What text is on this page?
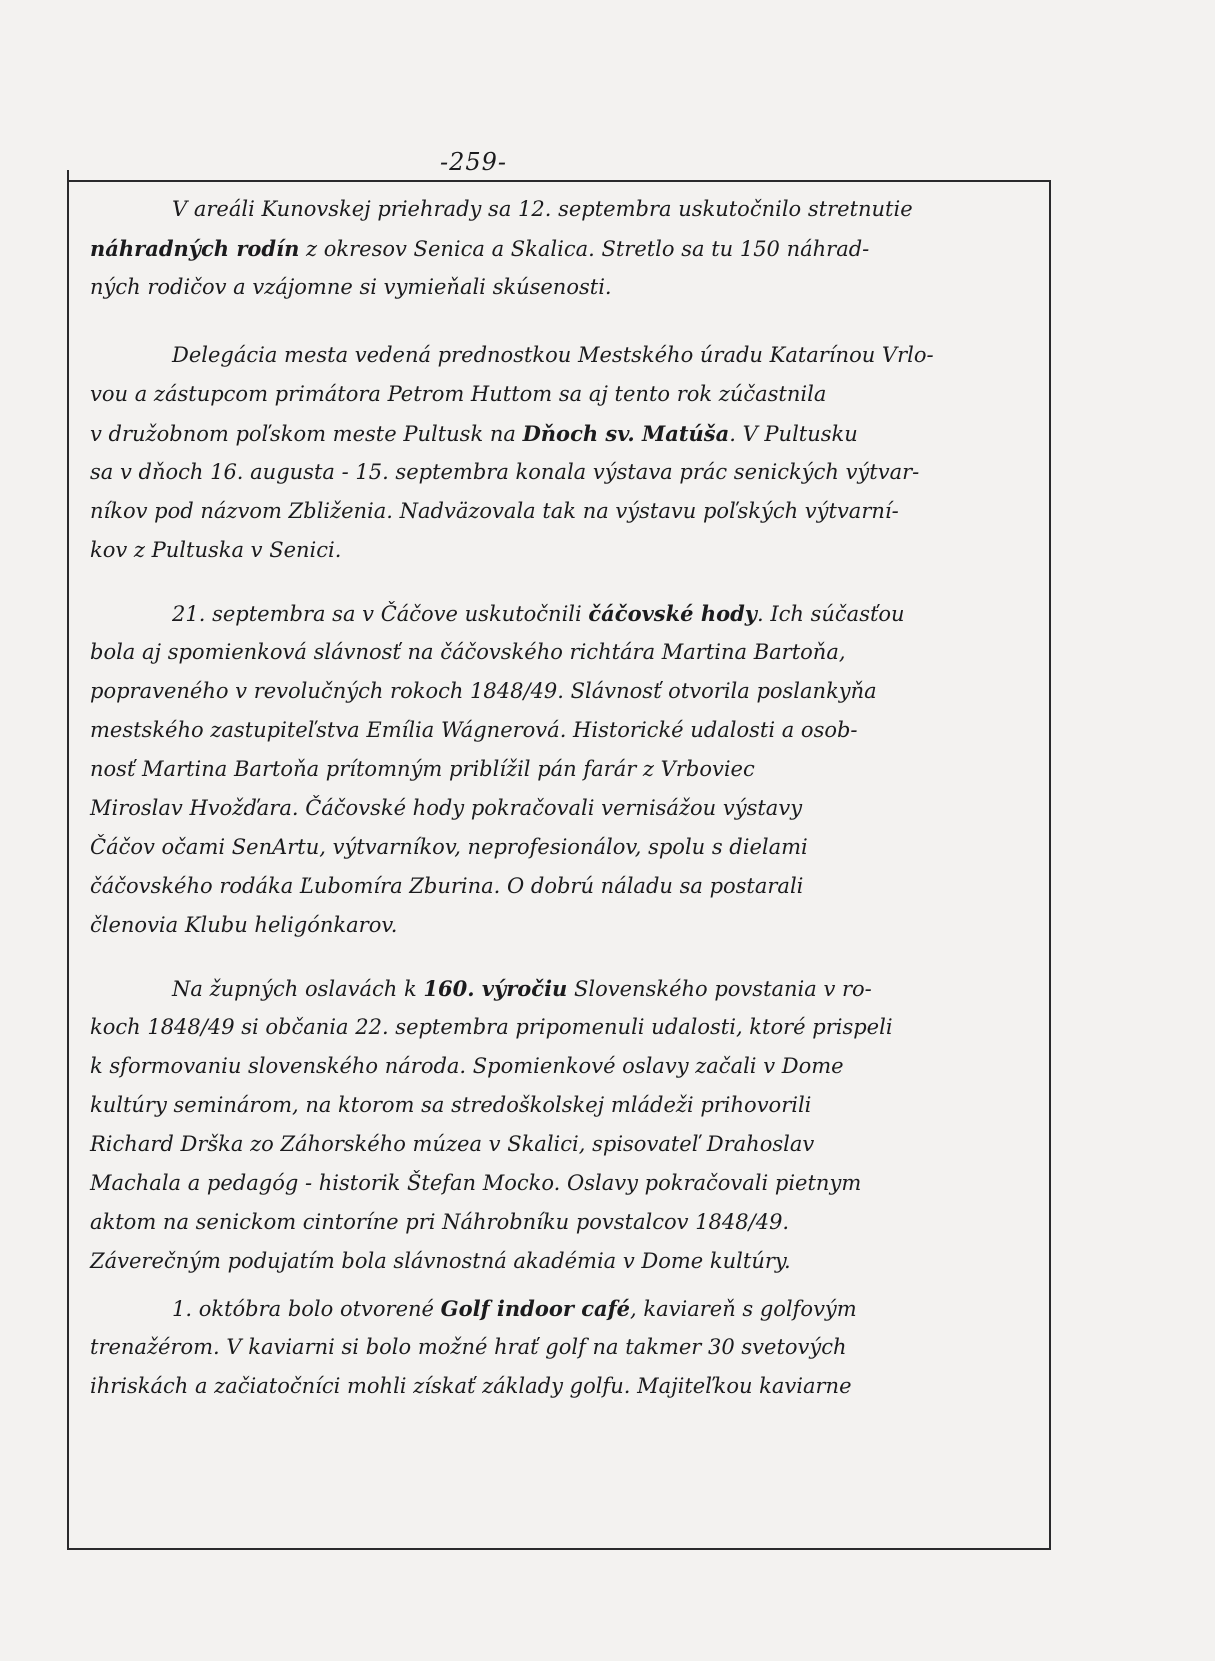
-259-
V areáli Kunovskej priehrady sa 12. septembra uskutočnilo stretnutie
náhradných rodín z okresov Senica a Skalica. Stretlo sa tu 150 náhrad-
ných rodičov a vzájomne si vymieňali skúsenosti.
Delegácia mesta vedená prednostkou Mestského úradu Katarínou Vrlo-
vou a zástupcom primátora Petrom Huttom sa aj tento rok zúčastnila
v družobnom poľskom meste Pultusk na Dňoch sv. Matúša. V Pultusku
sa v dňoch 16. augusta - 15. septembra konala výstava prác senických výtvar-
níkov pod názvom Zbliženia. Nadväzovala tak na výstavu poľských výtvarní-
kov z Pultuska v Senici.
21. septembra sa v Čáčove uskutočnili čáčovské hody. Ich súčasťou
bola aj spomienková slávnosť na čáčovského richtára Martina Bartoňa,
popraveného v revolučných rokoch 1848/49. Slávnosť otvorila poslankyňa
mestského zastupiteľstva Emília Wágnerová. Historické udalosti a osob-
nosť Martina Bartoňa prítomným priblížil pán farár z Vrboviec
Miroslav Hvožďara. Čáčovské hody pokračovali vernisážou výstavy
Čáčov očami SenArtu, výtvarníkov, neprofesionálov, spolu s dielami
čáčovského rodáka Ľubomíra Zburina. O dobrú náladu sa postarali
členovia Klubu heligónkarov.
Na župných oslavách k 160. výročiu Slovenského povstania v ro-
koch 1848/49 si občania 22. septembra pripomenuli udalosti, ktoré prispeli
k sformovaniu slovenského národa. Spomienkové oslavy začali v Dome
kultúry seminárom, na ktorom sa stredoškolskej mládeži prihovorili
Richard Drška zo Záhorského múzea v Skalici, spisovateľ Drahoslav
Machala a pedagóg - historik Štefan Mocko. Oslavy pokračovali pietnym
aktom na senickom cintoríne pri Náhrobníku povstalcov 1848/49.
Záverečným podujatím bola slávnostná akadémia v Dome kultúry.
1. októbra bolo otvorené Golf indoor café, kaviareň s golfovým
trenažérom. V kaviarni si bolo možné hrať golf na takmer 30 svetových
ihriskách a začiatočníci mohli získať základy golfu. Majiteľkou kaviarne
